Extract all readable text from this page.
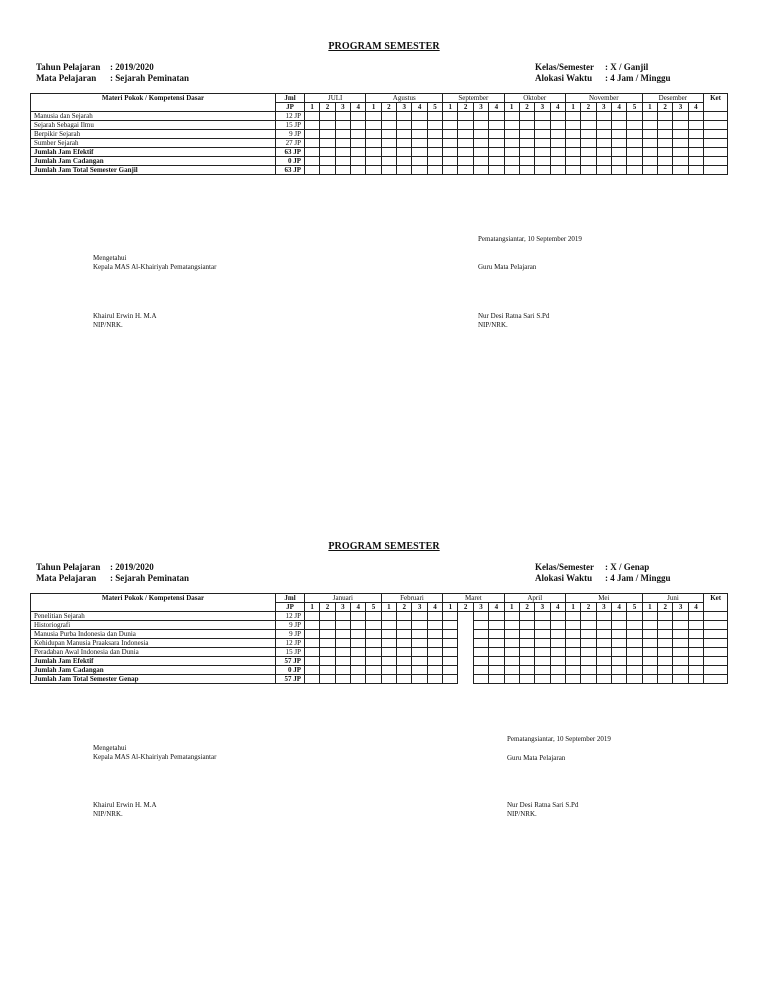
PROGRAM SEMESTER
Tahun Pelajaran	: 2019/2020
Mata Pelajaran	: Sejarah Peminatan
Kelas/Semester	: X / Ganjil
Alokasi Waktu	: 4 Jam / Minggu
Materi Pokok / Kompetensi Dasar	Jml	JULI				Agustus					September				Oktober				November					Desember				Ket
	JP	1	2	3	4	1	2	3	4	5	1	2	3	4	1	2	3	4	1	2	3	4	5	1	2	3	4	
Manusia dan Sejarah	12 JP																											
Sejarah Sebagai Ilmu	15 JP																											
Berpikir Sejarah	9 JP																											
Sumber Sejarah	27 JP																											
Jumlah Jam Efektif	63 JP																											
Jumlah Jam Cadangan	0 JP																											
Jumlah Jam Total Semester Ganjil	63 JP																											
Pematangsiantar, 10 September 2019
Mengetahui
Kepala MAS Al-Khairiyah Pematangsiantar	Guru Mata Pelajaran
Khairul Erwin H. M.A
NIP/NRK.
Nur Desi Ratna Sari S.Pd
NIP/NRK.
PROGRAM SEMESTER
Tahun Pelajaran	: 2019/2020
Mata Pelajaran	: Sejarah Peminatan
Kelas/Semester	: X / Genap
Alokasi Waktu	: 4 Jam / Minggu
Materi Pokok / Kompetensi Dasar	Jml	Januari					Februari				Maret				April				Mei					Juni				Ket
	JP	1	2	3	4	5	1	2	3	4	1	2	3	4	1	2	3	4	1	2	3	4	5	1	2	3	4	
Penelitian Sejarah	12 JP																											
Historiografi	9 JP																											
Manusia Purba Indonesia dan Dunia	9 JP																											
Kehidupan Manusia Praaksara Indonesia	12 JP																											
Peradaban Awal Indonesia dan Dunia	15 JP																											
Jumlah Jam Efektif	57 JP																											
Jumlah Jam Cadangan	0 JP																											
Jumlah Jam Total Semester Genap	57 JP																											
Pematangsiantar, 10 September 2019
Mengetahui
Kepala MAS Al-Khairiyah Pematangsiantar	Guru Mata Pelajaran
Khairul Erwin H. M.A
NIP/NRK.
Nur Desi Ratna Sari S.Pd
NIP/NRK.
